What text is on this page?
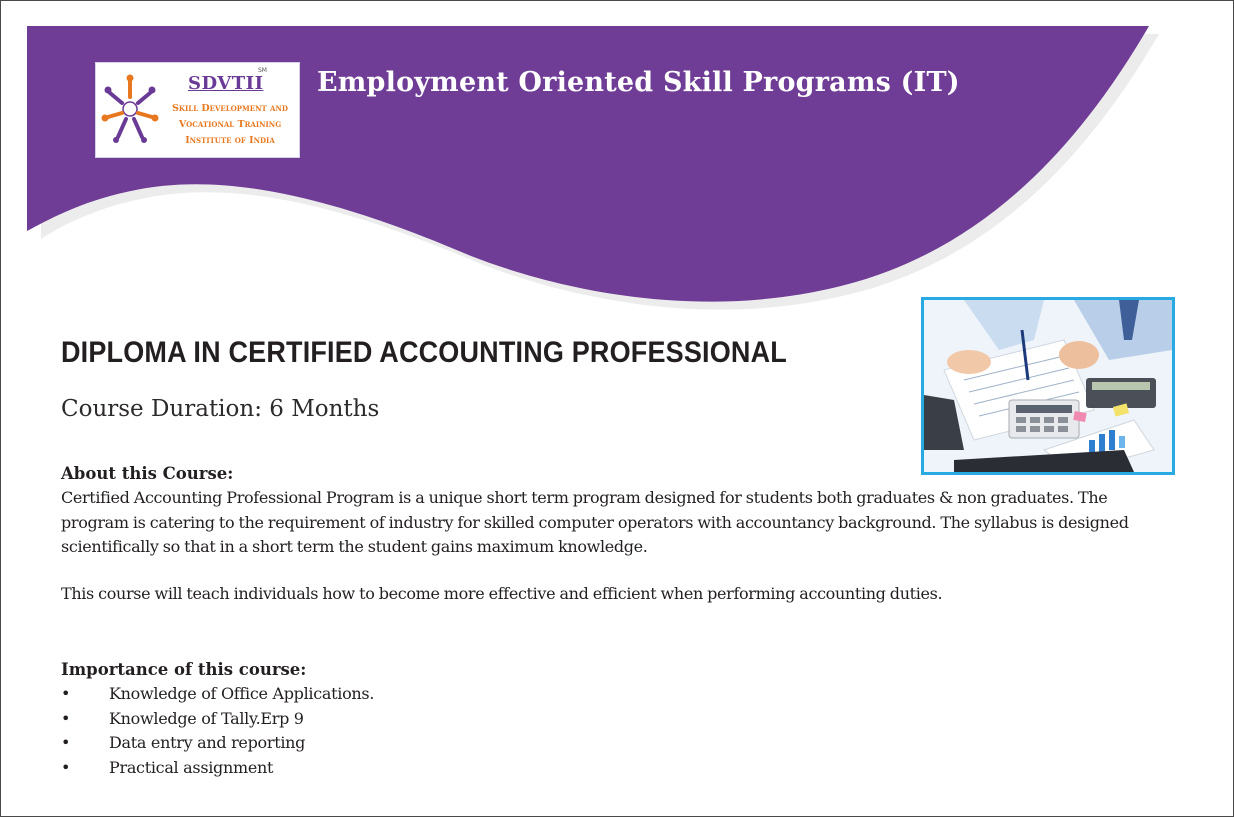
SDVTII
SM
Skill Development and
Vocational Training
Institute of India
Employment Oriented Skill Programs (IT)
DIPLOMA IN CERTIFIED ACCOUNTING PROFESSIONAL
Course Duration: 6 Months
About this Course:
Certified Accounting Professional Program is a unique short term program designed for students both graduates & non graduates. The program is catering to the requirement of industry for skilled computer operators with accountancy background. The syllabus is designed scientifically so that in a short term the student gains maximum knowledge.
This course will teach individuals how to become more effective and efficient when performing accounting duties.
Importance of this course:
• Knowledge of Office Applications.
• Knowledge of Tally.Erp 9
• Data entry and reporting
• Practical assignment
